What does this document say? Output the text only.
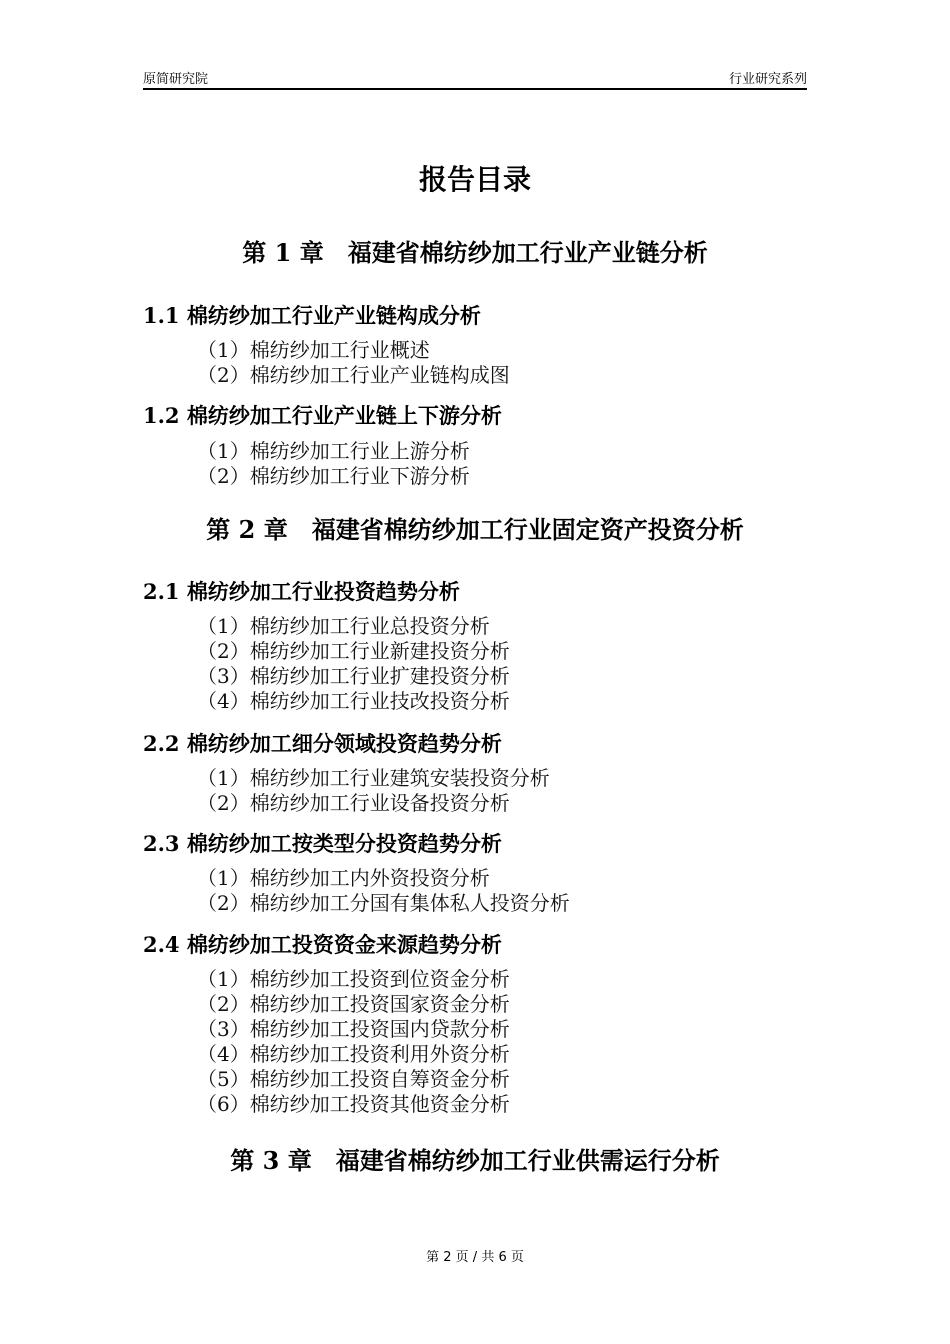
原简研究院	行业研究系列
报告目录
第 1 章　福建省棉纺纱加工行业产业链分析
1.1 棉纺纱加工行业产业链构成分析
（1）棉纺纱加工行业概述
（2）棉纺纱加工行业产业链构成图
1.2 棉纺纱加工行业产业链上下游分析
（1）棉纺纱加工行业上游分析
（2）棉纺纱加工行业下游分析
第 2 章　福建省棉纺纱加工行业固定资产投资分析
2.1 棉纺纱加工行业投资趋势分析
（1）棉纺纱加工行业总投资分析
（2）棉纺纱加工行业新建投资分析
（3）棉纺纱加工行业扩建投资分析
（4）棉纺纱加工行业技改投资分析
2.2 棉纺纱加工细分领域投资趋势分析
（1）棉纺纱加工行业建筑安装投资分析
（2）棉纺纱加工行业设备投资分析
2.3 棉纺纱加工按类型分投资趋势分析
（1）棉纺纱加工内外资投资分析
（2）棉纺纱加工分国有集体私人投资分析
2.4 棉纺纱加工投资资金来源趋势分析
（1）棉纺纱加工投资到位资金分析
（2）棉纺纱加工投资国家资金分析
（3）棉纺纱加工投资国内贷款分析
（4）棉纺纱加工投资利用外资分析
（5）棉纺纱加工投资自筹资金分析
（6）棉纺纱加工投资其他资金分析
第 3 章　福建省棉纺纱加工行业供需运行分析
第 2 页 / 共 6 页
